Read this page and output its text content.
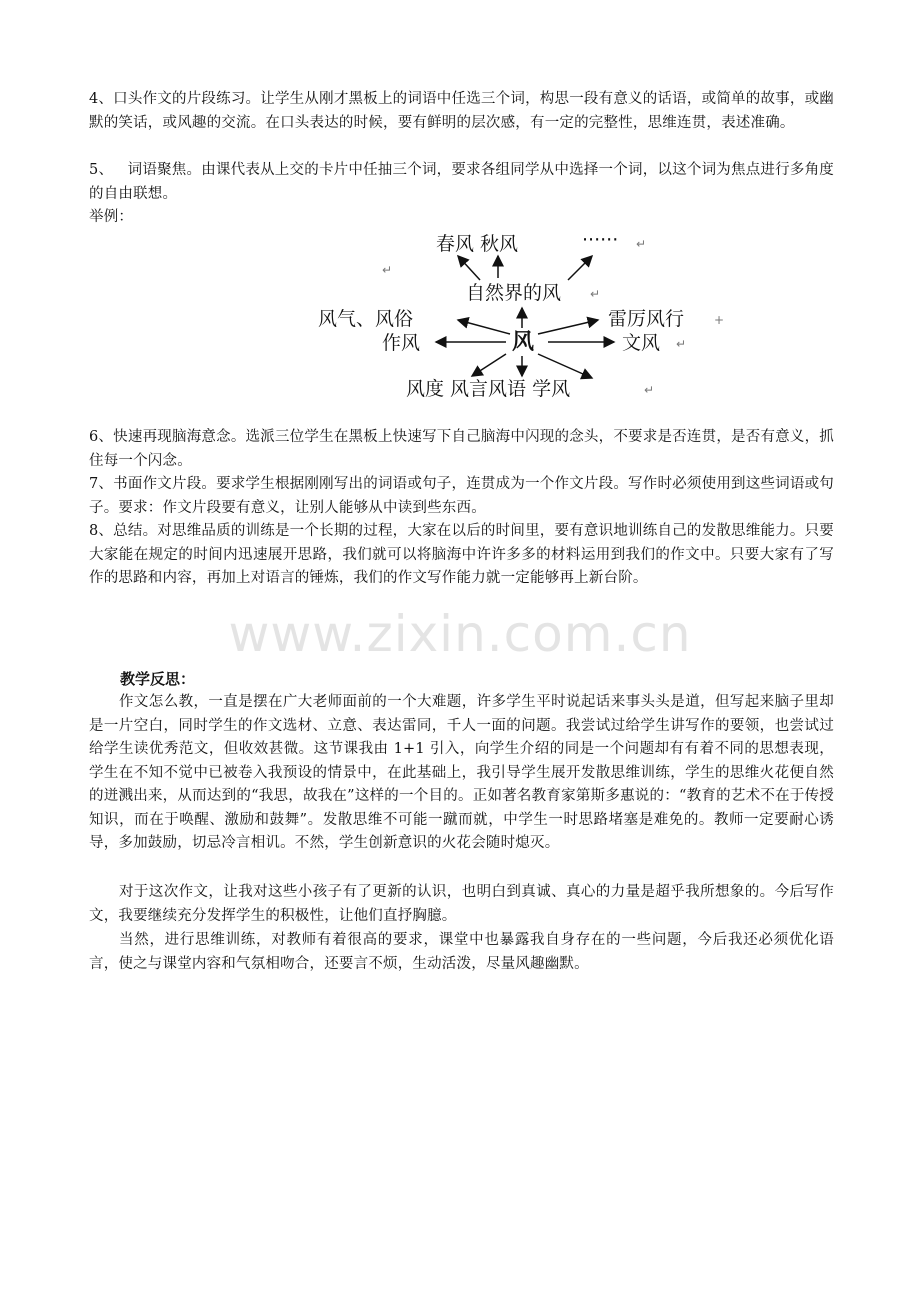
4、口头作文的片段练习。让学生从刚才黑板上的词语中任选三个词，构思一段有意义的话语，或简单的故事，或幽默的笑话，或风趣的交流。在口头表达的时候，要有鲜明的层次感，有一定的完整性，思维连贯，表述准确。

5、   词语聚焦。由课代表从上交的卡片中任抽三个词，要求各组同学从中选择一个词，以这个词为焦点进行多角度的自由联想。

举例：

春风 秋风	······ ↵
↵
自然界的风 ↵
风气、风俗	雷厉风行 +
风
作风	文风 ↵
风度 风言风语 学风	↵

6、快速再现脑海意念。选派三位学生在黑板上快速写下自己脑海中闪现的念头，不要求是否连贯，是否有意义，抓住每一个闪念。

7、书面作文片段。要求学生根据刚刚写出的词语或句子，连贯成为一个作文片段。写作时必须使用到这些词语或句子。要求：作文片段要有意义，让别人能够从中读到些东西。

8、总结。对思维品质的训练是一个长期的过程，大家在以后的时间里，要有意识地训练自己的发散思维能力。只要大家能在规定的时间内迅速展开思路，我们就可以将脑海中许许多多的材料运用到我们的作文中。只要大家有了写作的思路和内容，再加上对语言的锤炼，我们的作文写作能力就一定能够再上新台阶。

www.zixin.com.cn

教学反思：

作文怎么教，一直是摆在广大老师面前的一个大难题，许多学生平时说起话来事头头是道，但写起来脑子里却是一片空白，同时学生的作文选材、立意、表达雷同，千人一面的问题。我尝试过给学生讲写作的要领，也尝试过给学生读优秀范文，但收效甚微。这节课我由 1+1 引入，向学生介绍的同是一个问题却有有着不同的思想表现，学生在不知不觉中已被卷入我预设的情景中，在此基础上，我引导学生展开发散思维训练，学生的思维火花便自然的迸溅出来，从而达到的“我思，故我在”这样的一个目的。正如著名教育家第斯多惠说的：“教育的艺术不在于传授知识，而在于唤醒、激励和鼓舞”。发散思维不可能一蹴而就，中学生一时思路堵塞是难免的。教师一定要耐心诱导，多加鼓励，切忌冷言相讥。不然，学生创新意识的火花会随时熄灭。

对于这次作文，让我对这些小孩子有了更新的认识，也明白到真诚、真心的力量是超乎我所想象的。今后写作文，我要继续充分发挥学生的积极性，让他们直抒胸臆。

当然，进行思维训练，对教师有着很高的要求，课堂中也暴露我自身存在的一些问题，今后我还必须优化语言，使之与课堂内容和气氛相吻合，还要言不烦，生动活泼，尽量风趣幽默。
